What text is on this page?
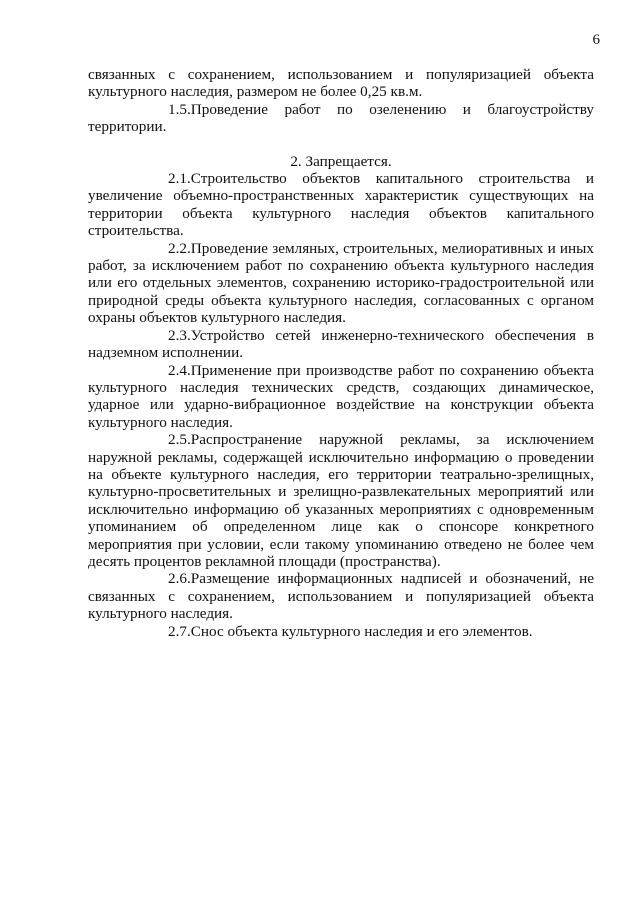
6

связанных с сохранением, использованием и популяризацией объекта культурного наследия, размером не более 0,25 кв.м.

1.5.Проведение работ по озеленению и благоустройству территории.

2. Запрещается.

2.1.Строительство объектов капитального строительства и увеличение объемно-пространственных характеристик существующих на территории объекта культурного наследия объектов капитального строительства.

2.2.Проведение земляных, строительных, мелиоративных и иных работ, за исключением работ по сохранению объекта культурного наследия или его отдельных элементов, сохранению историко-градостроительной или природной среды объекта культурного наследия, согласованных с органом охраны объектов культурного наследия.

2.3.Устройство сетей инженерно-технического обеспечения в надземном исполнении.

2.4.Применение при производстве работ по сохранению объекта культурного наследия технических средств, создающих динамическое, ударное или ударно-вибрационное воздействие на конструкции объекта культурного наследия.

2.5.Распространение наружной рекламы, за исключением наружной рекламы, содержащей исключительно информацию о проведении на объекте культурного наследия, его территории театрально-зрелищных, культурно-просветительных и зрелищно-развлекательных мероприятий или исключительно информацию об указанных мероприятиях с одновременным упоминанием об определенном лице как о спонсоре конкретного мероприятия при условии, если такому упоминанию отведено не более чем десять процентов рекламной площади (пространства).

2.6.Размещение информационных надписей и обозначений, не связанных с сохранением, использованием и популяризацией объекта культурного наследия.

2.7.Снос объекта культурного наследия и его элементов.
